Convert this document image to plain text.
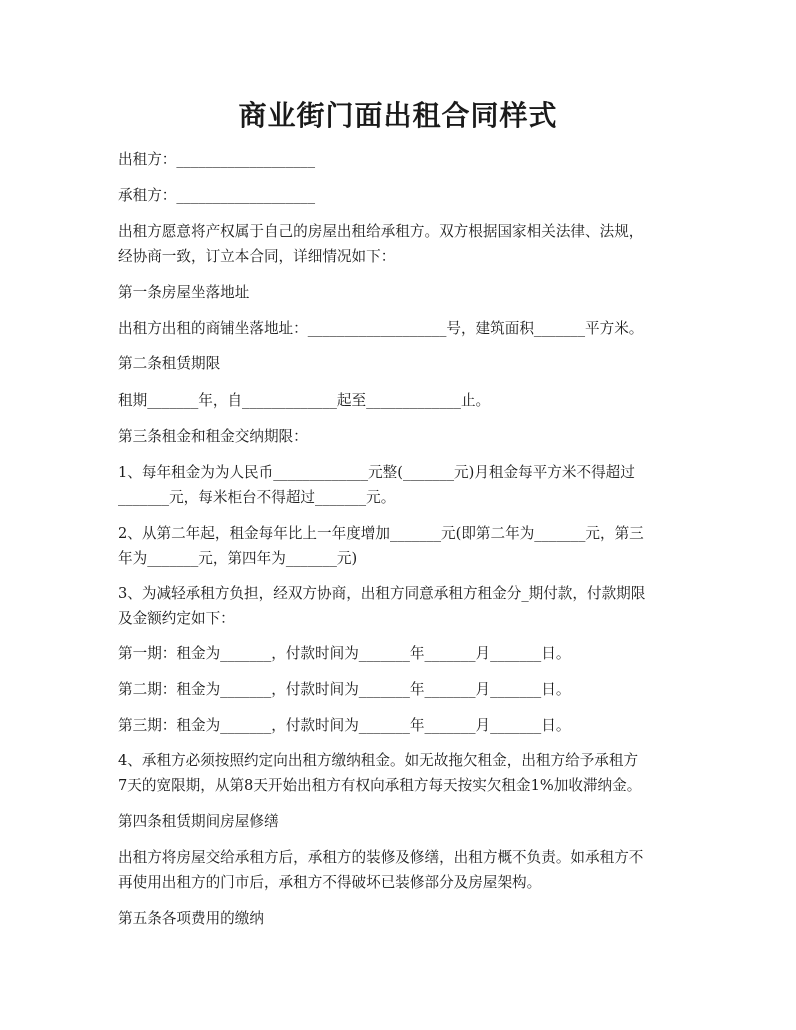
商业街门面出租合同样式

出租方：___________________

承租方：___________________

出租方愿意将产权属于自己的房屋出租给承租方。双方根据国家相关法律、法规，

经协商一致，订立本合同，详细情况如下：

第一条房屋坐落地址

出租方出租的商铺坐落地址：___________________号，建筑面积_______平方米。

第二条租赁期限

租期_______年，自_____________起至_____________止。

第三条租金和租金交纳期限：

1、每年租金为为人民币_____________元整(_______元)月租金每平方米不得超过

_______元，每米柜台不得超过_______元。

2、从第二年起，租金每年比上一年度增加_______元(即第二年为_______元，第三

年为_______元，第四年为_______元)

3、为减轻承租方负担，经双方协商，出租方同意承租方租金分_期付款，付款期限

及金额约定如下：

第一期：租金为_______，付款时间为_______年_______月_______日。

第二期：租金为_______，付款时间为_______年_______月_______日。

第三期：租金为_______，付款时间为_______年_______月_______日。

4、承租方必须按照约定向出租方缴纳租金。如无故拖欠租金，出租方给予承租方

7天的宽限期，从第8天开始出租方有权向承租方每天按实欠租金1%加收滞纳金。

第四条租赁期间房屋修缮

出租方将房屋交给承租方后，承租方的装修及修缮，出租方概不负责。如承租方不

再使用出租方的门市后，承租方不得破坏已装修部分及房屋架构。

第五条各项费用的缴纳
